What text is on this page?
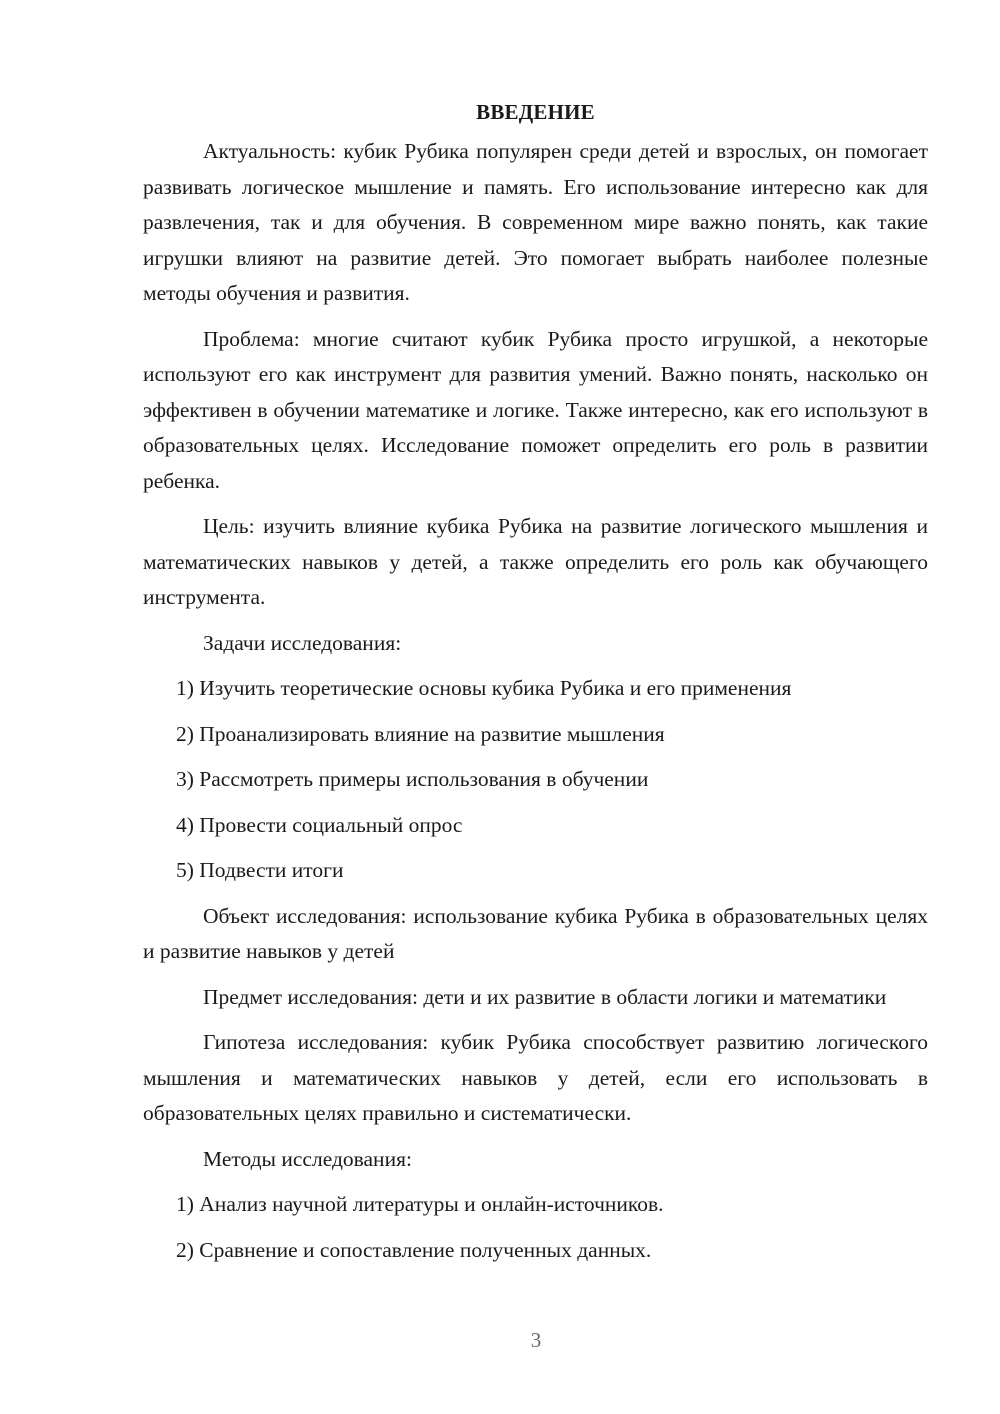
ВВЕДЕНИЕ

Актуальность: кубик Рубика популярен среди детей и взрослых, он помогает развивать логическое мышление и память. Его использование интересно как для развлечения, так и для обучения. В современном мире важно понять, как такие игрушки влияют на развитие детей. Это помогает выбрать наиболее полезные методы обучения и развития.

Проблема: многие считают кубик Рубика просто игрушкой, а некоторые используют его как инструмент для развития умений. Важно понять, насколько он эффективен в обучении математике и логике. Также интересно, как его используют в образовательных целях. Исследование поможет определить его роль в развитии ребенка.

Цель: изучить влияние кубика Рубика на развитие логического мышления и математических навыков у детей, а также определить его роль как обучающего инструмента.

Задачи исследования:

1) Изучить теоретические основы кубика Рубика и его применения
2) Проанализировать влияние на развитие мышления
3) Рассмотреть примеры использования в обучении
4) Провести социальный опрос
5) Подвести итоги

Объект исследования: использование кубика Рубика в образовательных целях и развитие навыков у детей

Предмет исследования: дети и их развитие в области логики и математики

Гипотеза исследования: кубик Рубика способствует развитию логического мышления и математических навыков у детей, если его использовать в образовательных целях правильно и систематически.

Методы исследования:

1) Анализ научной литературы и онлайн-источников.
2) Сравнение и сопоставление полученных данных.
3
